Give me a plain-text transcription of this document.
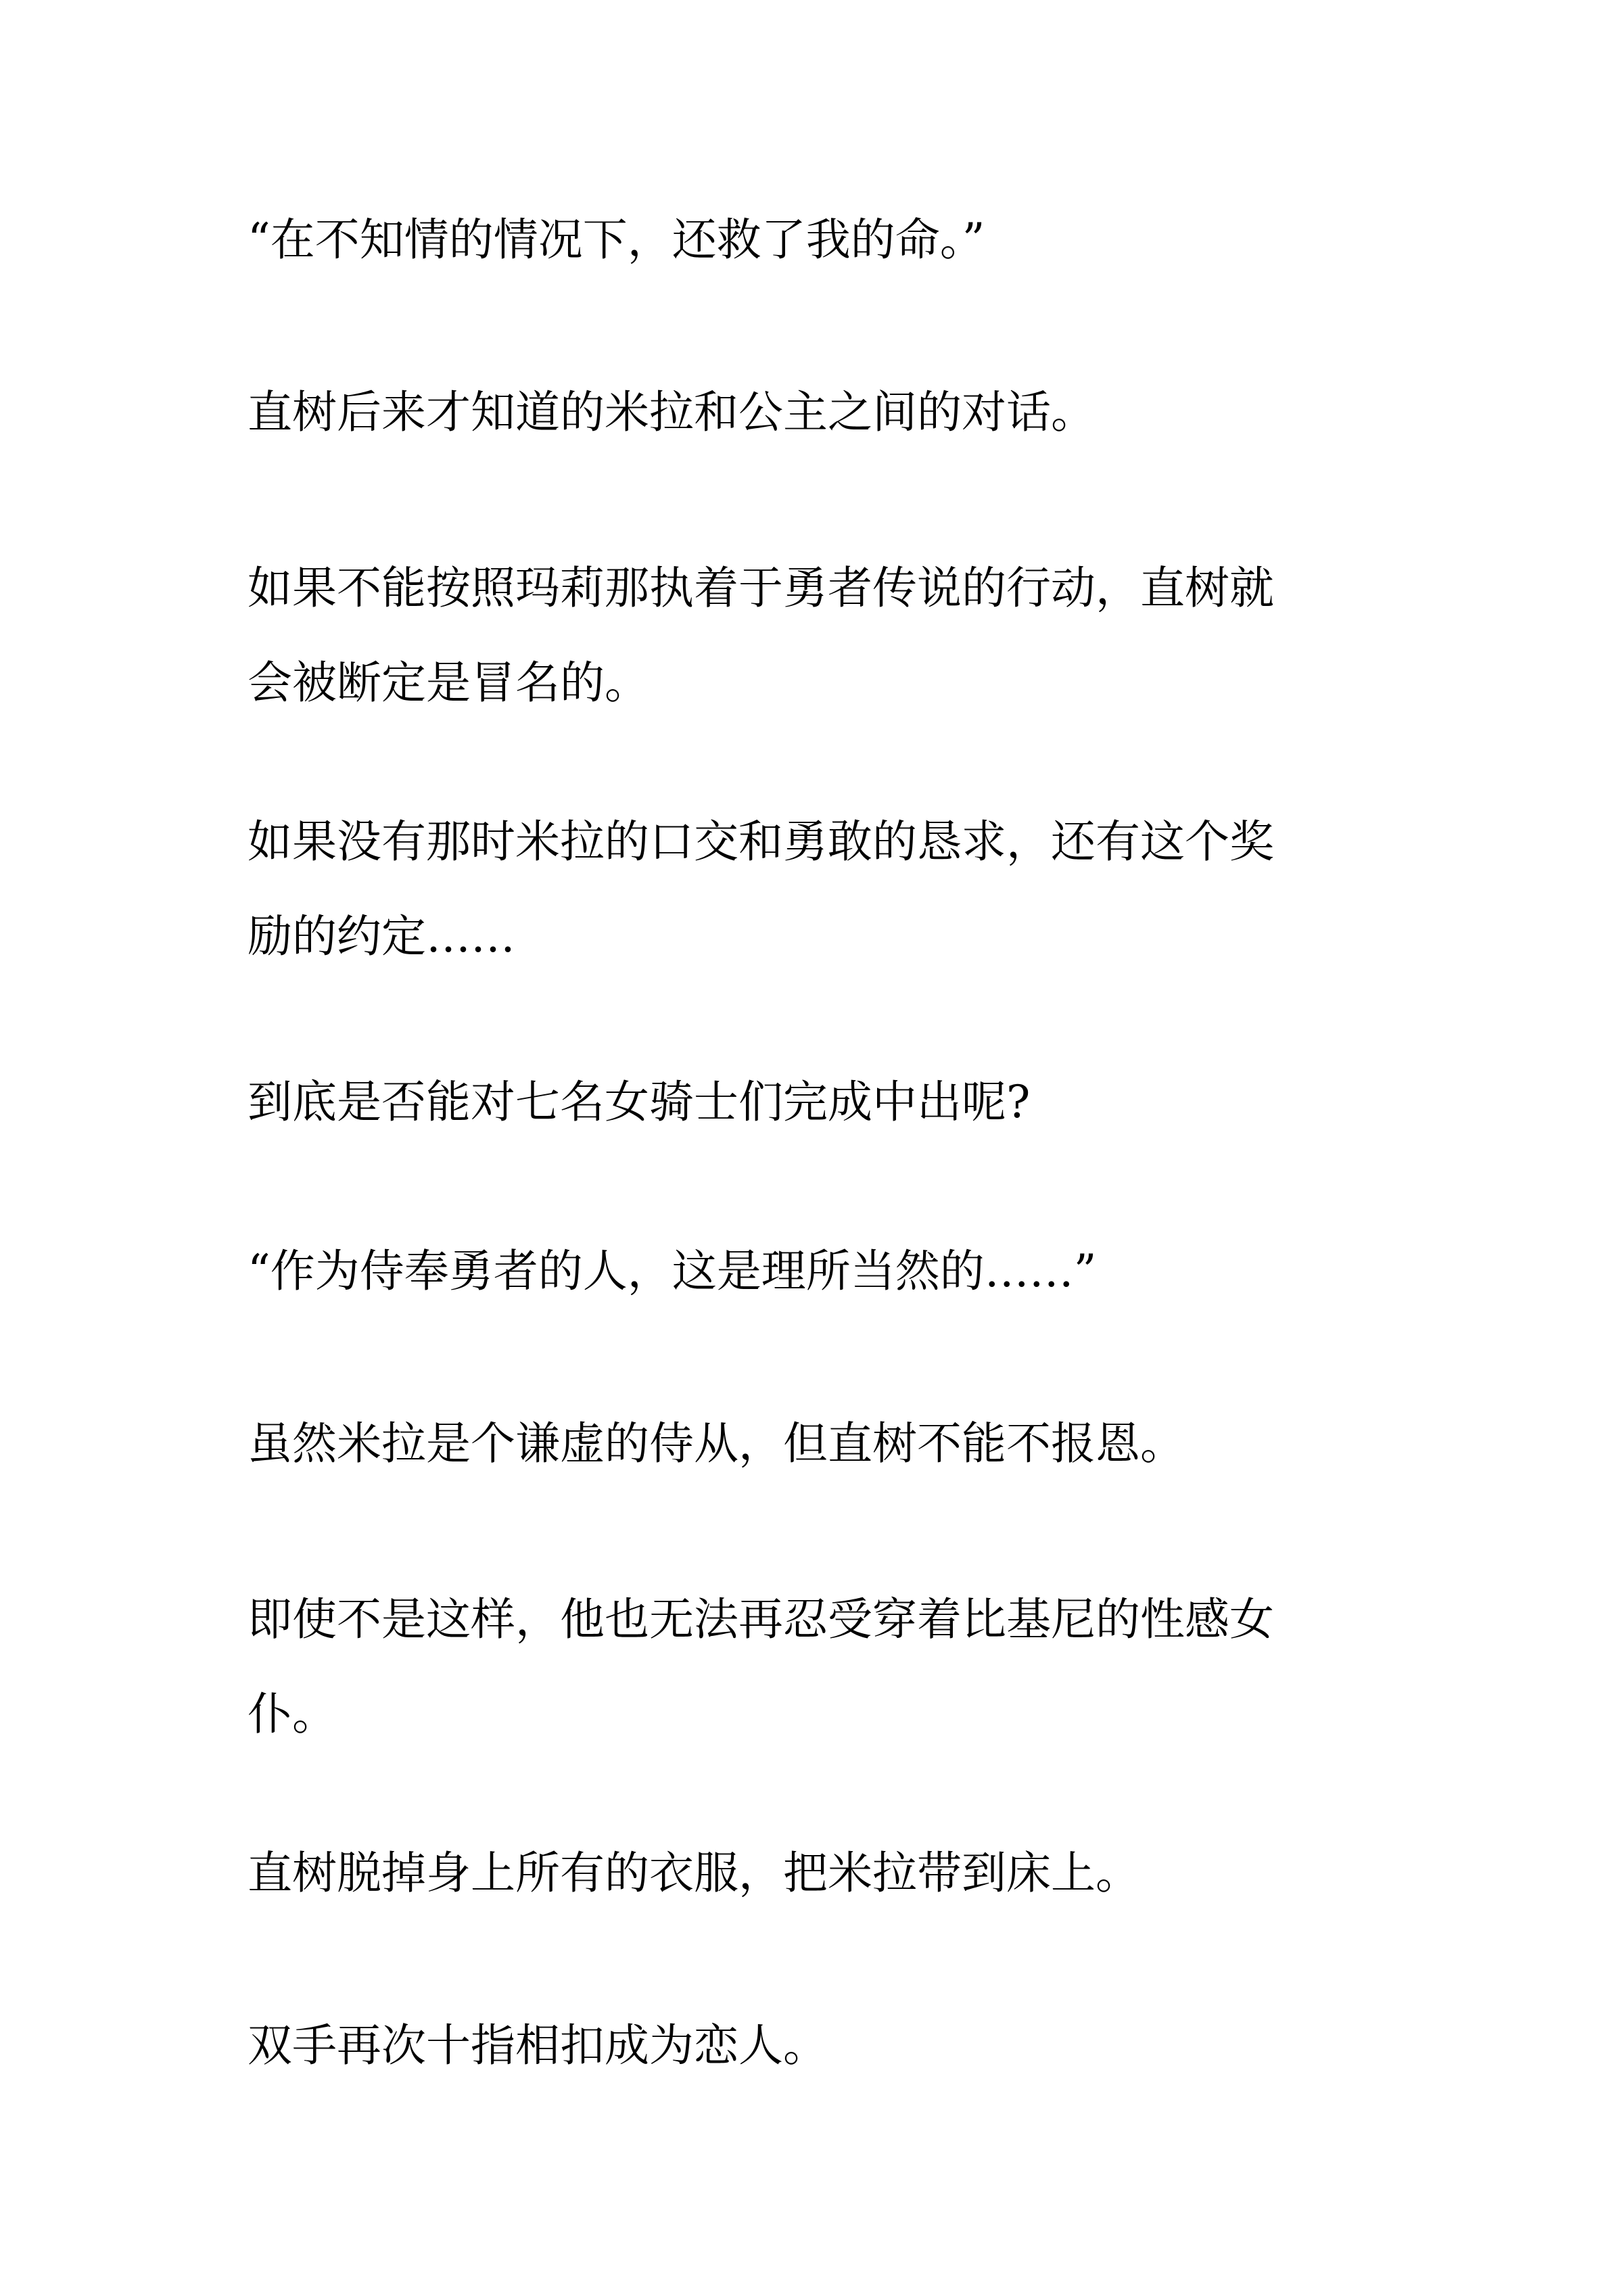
“在不知情的情况下，还救了我的命。”

直树后来才知道的米拉和公主之间的对话。

如果不能按照玛莉那执着于勇者传说的行动，直树就
会被断定是冒名的。

如果没有那时米拉的口交和勇敢的恳求，还有这个奖
励的约定……

到底是否能对七名女骑士们完成中出呢?

“作为侍奉勇者的人，这是理所当然的……”

虽然米拉是个谦虚的侍从，但直树不能不报恩。

即使不是这样，他也无法再忍受穿着比基尼的性感女
仆。

直树脱掉身上所有的衣服，把米拉带到床上。

双手再次十指相扣成为恋人。
